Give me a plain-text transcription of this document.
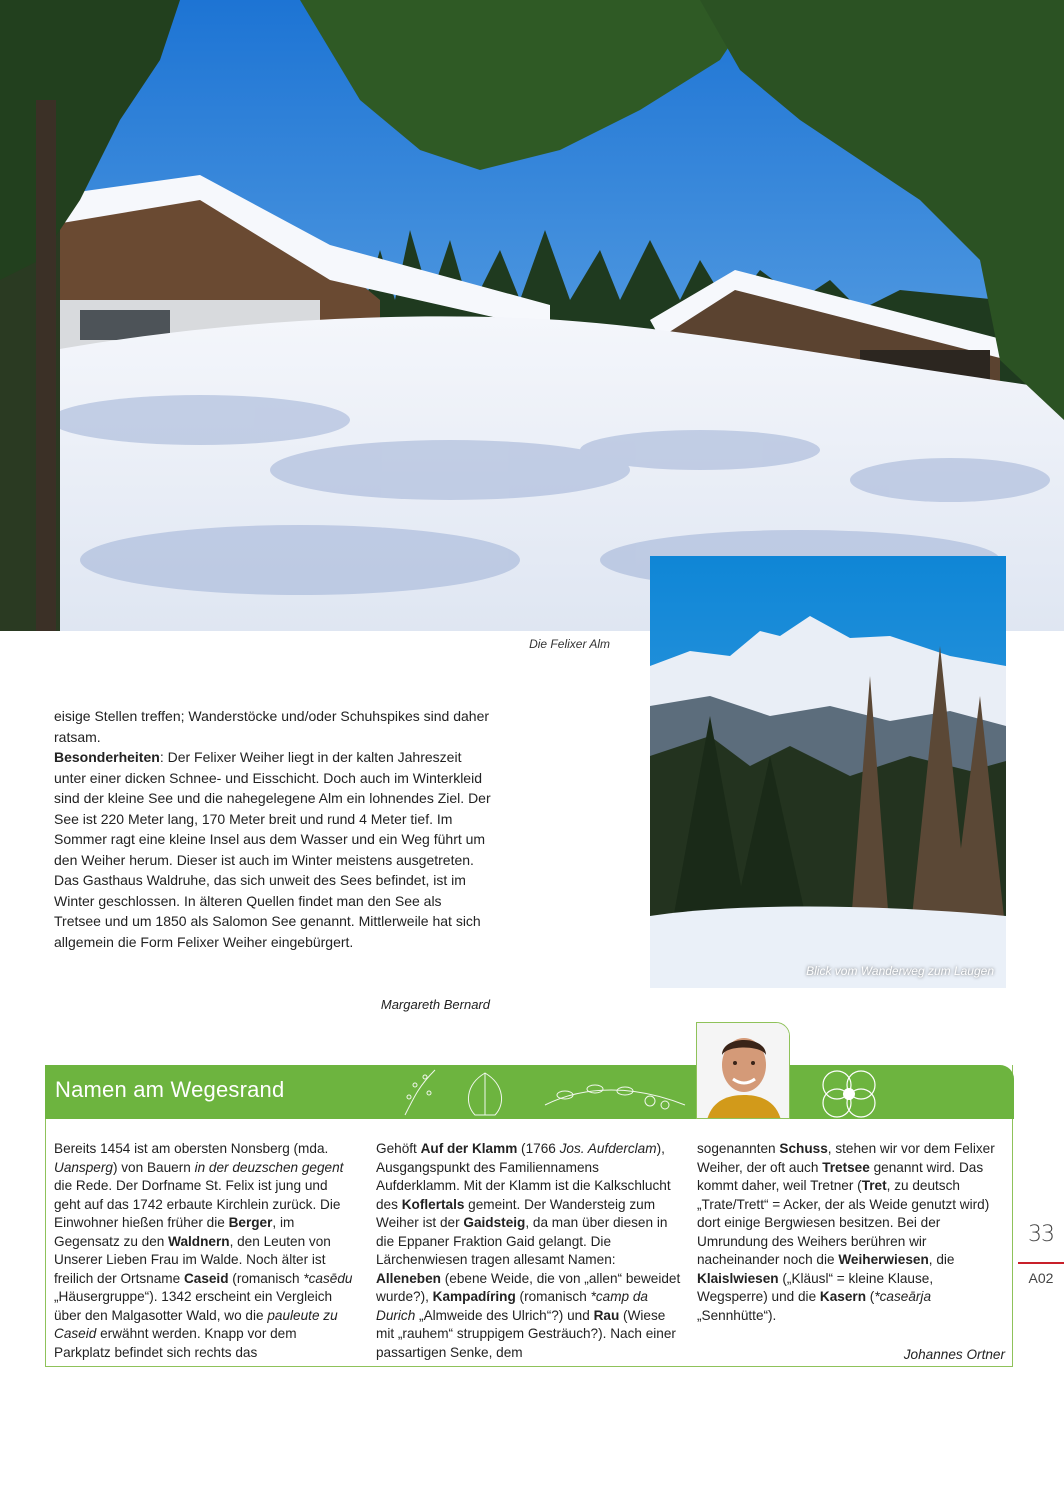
Die Felixer Alm
Blick vom Wanderweg zum Laugen

eisige Stellen treffen; Wanderstöcke und/oder Schuhspikes sind daher ratsam.

Besonderheiten: Der Felixer Weiher liegt in der kalten Jahreszeit unter einer dicken Schnee- und Eisschicht. Doch auch im Winterkleid sind der kleine See und die nahegelegene Alm ein lohnendes Ziel. Der See ist 220 Meter lang, 170 Meter breit und rund 4 Meter tief. Im Sommer ragt eine kleine Insel aus dem Wasser und ein Weg führt um den Weiher herum. Dieser ist auch im Winter meistens ausgetreten. Das Gasthaus Waldruhe, das sich unweit des Sees befindet, ist im Winter geschlossen. In älteren Quellen findet man den See als Tretsee und um 1850 als Salomon See genannt. Mittlerweile hat sich allgemein die Form Felixer Weiher eingebürgert.

Margareth Bernard
Namen am Wegesrand

Bereits 1454 ist am obersten Nonsberg (mda. Uansperg) von Bauern in der deuzschen gegent die Rede. Der Dorfname St. Felix ist jung und geht auf das 1742 erbaute Kirchlein zurück. Die Einwohner hießen früher die Berger, im Gegensatz zu den Waldnern, den Leuten von Unserer Lieben Frau im Walde. Noch älter ist freilich der Ortsname Caseid (romanisch *casēdu „Häusergruppe“). 1342 erscheint ein Vergleich über den Malgasotter Wald, wo die pauleute zu Caseid erwähnt werden. Knapp vor dem Parkplatz befindet sich rechts das

Gehöft Auf der Klamm (1766 Jos. Aufderclam), Ausgangspunkt des Familiennamens Aufderklamm. Mit der Klamm ist die Kalkschlucht des Koflertals gemeint. Der Wandersteig zum Weiher ist der Gaidsteig, da man über diesen in die Eppaner Fraktion Gaid gelangt. Die Lärchenwiesen tragen allesamt Namen: Alleneben (ebene Weide, die von „allen“ beweidet wurde?), Kampadíring (romanisch *camp da Durich „Almweide des Ulrich“?) und Rau (Wiese mit „rauhem“ struppigem Gesträuch?). Nach einer passartigen Senke, dem

sogenannten Schuss, stehen wir vor dem Felixer Weiher, der oft auch Tretsee genannt wird. Das kommt daher, weil Tretner (Tret, zu deutsch „Trate/Trett“ = Acker, der als Weide genutzt wird) dort einige Bergwiesen besitzen. Bei der Umrundung des Weihers berühren wir nacheinander noch die Weiherwiesen, die Klaislwiesen („Kläusl“ = kleine Klause, Wegsperre) und die Kasern (*caseārja „Sennhütte“).

Johannes Ortner
33
A02
